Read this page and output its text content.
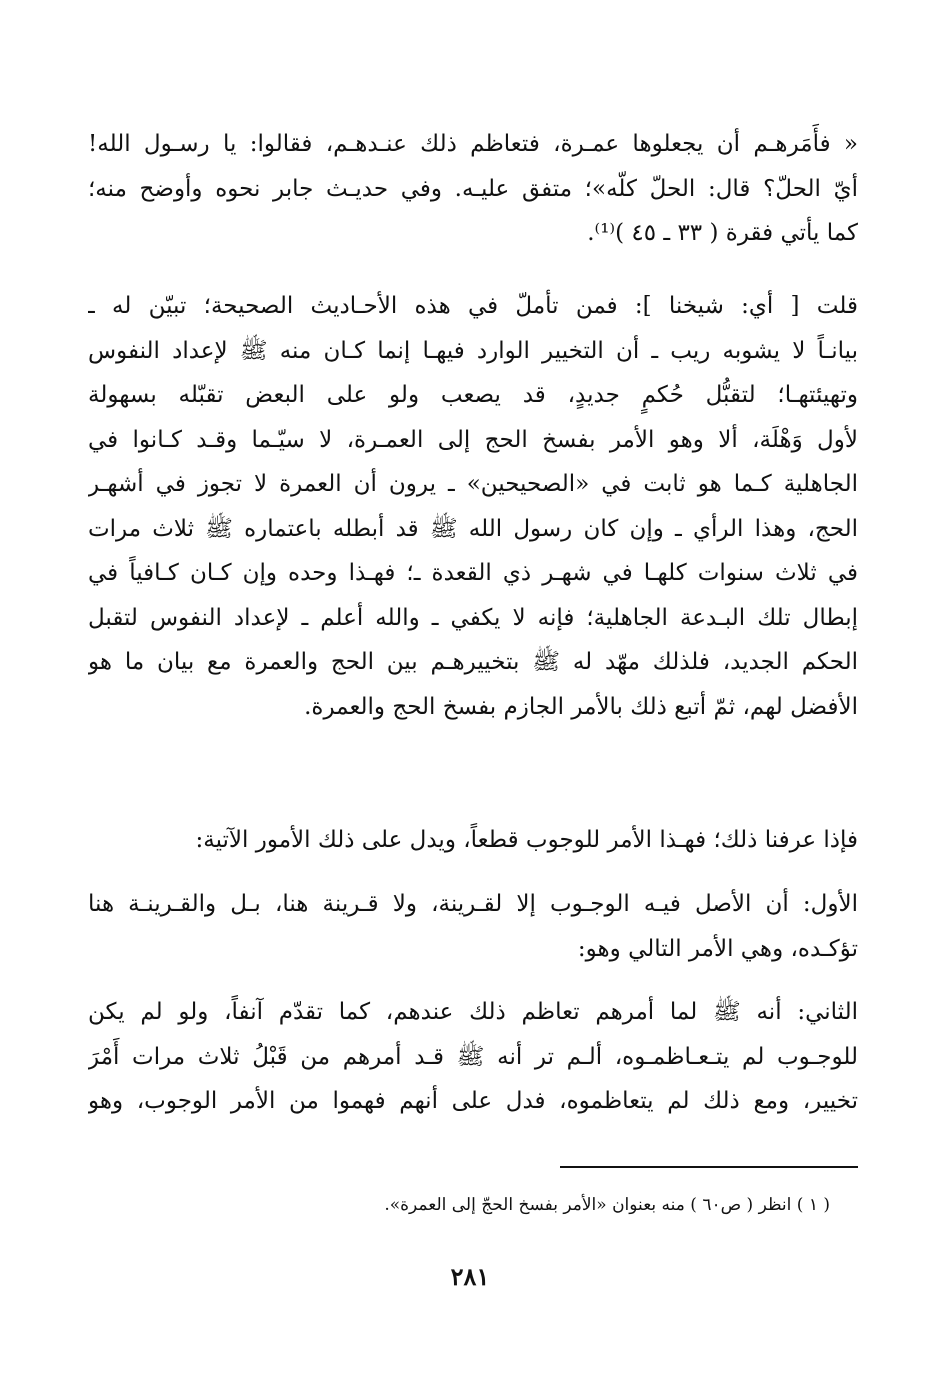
« فأَمَرهـم أن يجعلوها عمـرة، فتعاظم ذلك عنـدهـم، فقالوا: يا رسـول الله!
أيّ الحلّ؟ قال: الحلّ كلّه»؛ متفق عليـه. وفي حديـث جابر نحوه وأوضح منه؛
كما يأتي فقرة ( ٣٣ ـ ٤٥ )⁽¹⁾.
قلت [ أي: شيخنا ]: فمن تأملّ في هذه الأحـاديث الصحيحة؛ تبيّن له ـ
بيانـاً لا يشوبه ريب ـ أن التخيير الوارد فيهـا إنما كـان منه ﷺ لإعداد النفوس
وتهيئتهـا؛ لتقبُّل حُكمٍ جديدٍ، قد يصعب ولو على البعض تقبّله بسهولة
لأول وَهْلَة، ألا وهو الأمر بفسخ الحج إلى العمـرة، لا سيّـما وقـد كـانوا في
الجاهلية كـما هو ثابت في «الصحيحين» ـ يرون أن العمرة لا تجوز في أشهـر
الحج، وهذا الرأي ـ وإن كان رسول الله ﷺ قد أبطله باعتماره ﷺ ثلاث مرات
في ثلاث سنوات كلهـا في شهـر ذي القعدة ـ؛ فهـذا وحده وإن كـان كـافياً في
إبطال تلك البـدعة الجاهلية؛ فإنه لا يكفي ـ والله أعلم ـ لإعداد النفوس لتقبل
الحكم الجديد، فلذلك مهّد له ﷺ بتخييرهـم بين الحج والعمرة مع بيان ما هو
الأفضل لهم، ثمّ أتبع ذلك بالأمر الجازم بفسخ الحج والعمرة.
فإذا عرفنا ذلك؛ فهـذا الأمر للوجوب قطعاً، ويدل على ذلك الأمور الآتية:
الأول: أن الأصل فيـه الوجـوب إلا لقـرينة، ولا قـرينة هنا، بـل والقـرينـة هنا
تؤكـده، وهي الأمر التالي وهو:
الثاني: أنه ﷺ لما أمرهم تعاظم ذلك عندهم، كما تقدّم آنفاً، ولو لم يكن
للوجـوب لم يتـعـاظمـوه، ألـم تر أنه ﷺ قـد أمرهم من قَبْلُ ثلاث مرات أَمْرَ
تخيير، ومع ذلك لم يتعاظموه، فدل على أنهم فهموا من الأمر الوجوب، وهو
( ١ ) انظر ( ص٦٠ ) منه بعنوان «الأمر بفسخ الحجّ إلى العمرة».
٢٨١
